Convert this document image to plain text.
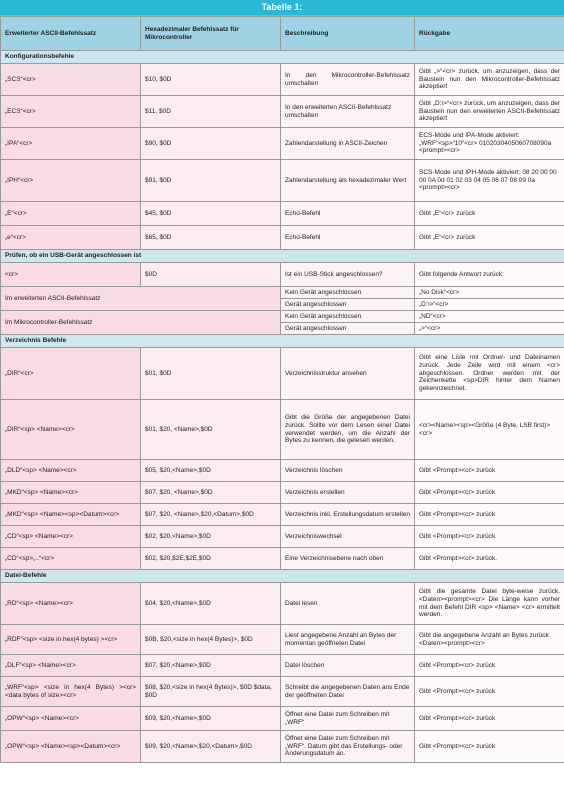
Tabelle 1:
Erweiterter ASCII-Befehlssatz	Hexadezimaler Befehlssatz für Mikrocontroller	Beschreibung	Rückgabe
Konfigurationsbefehle			
„SCS“<cr>	$10, $0D	In den Mikrocontroller-Befehlssatz umschalten	Gibt „>“<cr> zurück, um anzuzeigen, dass der Baustein nun den Mikrocontroller-Befehlssatz akzeptiert
„ECS“<cr>	$11, $0D	In den erweiterten ASCII-Befehlssatz umschalten	Gibt „D:\>“<cr> zurück, um anzuzeigen, dass der Baustein nun den erweiterten ASCII-Befehlssatz akzeptiert
„IPA“<cr>	$90, $0D	Zahlendarstellung in ASCII-Zeichen	ECS-Mode und IPA-Mode aktiviert: „WRF“<sp>“10“<cr> 0102030405060708090a <prompt><cr>
„IPH“<cr>	$91, $0D	Zahlendarstellung als hexadezimaler Wert	SCS-Mode und IPH-Mode aktiviert: 08 20 00 00 00 0A 0d 01 02 03 04 05 06 07 08 09 0a <prompt><cr>
„E“<cr>	$45, $0D	Echo-Befehl	Gibt „E“<cr> zurück
„e“<cr>	$65, $0D	Echo-Befehl	Gibt „E“<cr> zurück
Prüfen, ob ein USB-Gerät angeschlossen ist			
<cr>	$0D	Ist ein USB-Stick angeschlossen?	Gibt folgende Antwort zurück:
Im erweiterten ASCII-Befehlssatz		Kein Gerät angeschlossen	„No Disk“<cr>
		Gerät angeschlossen	„D:\>“<cr>
Im Mikrocontroller-Befehlssatz		Kein Gerät angeschlossen	„ND“<cr>
		Gerät angeschlossen	„>“<cr>
Verzeichnis Befehle			
„DIR“<cr>	$01, $0D	Verzeichnisstruktur ansehen	Gibt eine Liste mit Ordner- und Dateinamen zurück. Jede Zeile wird mit einem <cr> abgeschlossen. Ordner werden mit der Zeichenkette <sp>DIR hinter dem Namen gekennzeichnet.
„DIR“<sp> <Name><cr>	$01, $20, <Name>,$0D	Gibt die Größe der angegebenen Datei zurück. Sollte vor dem Lesen einer Datei verwendet werden, um die Anzahl der Bytes zu kennen, die gelesen werden.	<cr><Name><sp><Größe (4 Byte, LSB first)><cr>
„DLD“<sp> <Name><cr>	$05, $20,<Name>,$0D	Verzeichnis löschen	Gibt <Prompt><cr> zurück
„MKD“<sp> <Name><cr>	$07, $20, <Name>,$0D	Verzeichnis erstellen	Gibt <Prompt><cr> zurück
„MKD“<sp> <Name><sp><Datum><cr>	$07, $20, <Name>,$20,<Datum>,$0D	Verzeichnis inkl. Erstellungsdatum erstellen	Gibt <Prompt><cr> zurück
„CD“<sp> <Name><cr>	$02, $20,<Name>,$0D	Verzeichniswechsel	Gibt <Prompt><cr> zurück
„CD“<sp>„..“<cr>	$02, $20,$2E,$2E,$0D	Eine Verzeichnisebene nach oben	Gibt <Prompt><cr> zurück.
Datei-Befehle			
„RD“<sp> <Name><cr>	$04, $20,<Name>,$0D	Datei lesen	Gibt die gesamte Datei byte-weise zurück. <Daten><prompt><cr> Die Länge kann vorher mit dem Befehl DIR <sp> <Name> <cr> ermittelt werden.
„RDF“<sp> <size in hex(4 bytes) ><cr>	$0B, $20,<size in hex(4 Bytes)>, $0D	Liest angegebene Anzahl an Bytes der momentan geöffneten Datei	Gibt die angegebene Anzahl an Bytes zurück <Daten><prompt><cr>
„DLF“<sp> <Name><cr>	$07, $20,<Name>,$0D	Datei löschen	Gibt <Prompt><cr> zurück
„WRF“<sp> <size in hex(4 Bytes) ><cr> <data bytes of size><cr>	$08, $20,<size in hex(4 Bytes)>, $0D $data, $0D	Schreibt die angegebenen Daten ans Ende der geöffneten Datei	Gibt <Prompt><cr> zurück
„OPW“<sp> <Name><cr>	$09, $20,<Name>,$0D	Öffnet eine Datei zum Schreiben mit „WRF“	Gibt <Prompt><cr> zurück
„OPW“<sp> <Name><sp><Datum><cr>	$09, $20,<Name>,$20,<Datum>,$0D	Öffnet eine Datei zum Schreiben mit „WRF“. Datum gibt das Erstellungs- oder Änderungsdatum an.	Gibt <Prompt><cr> zurück
